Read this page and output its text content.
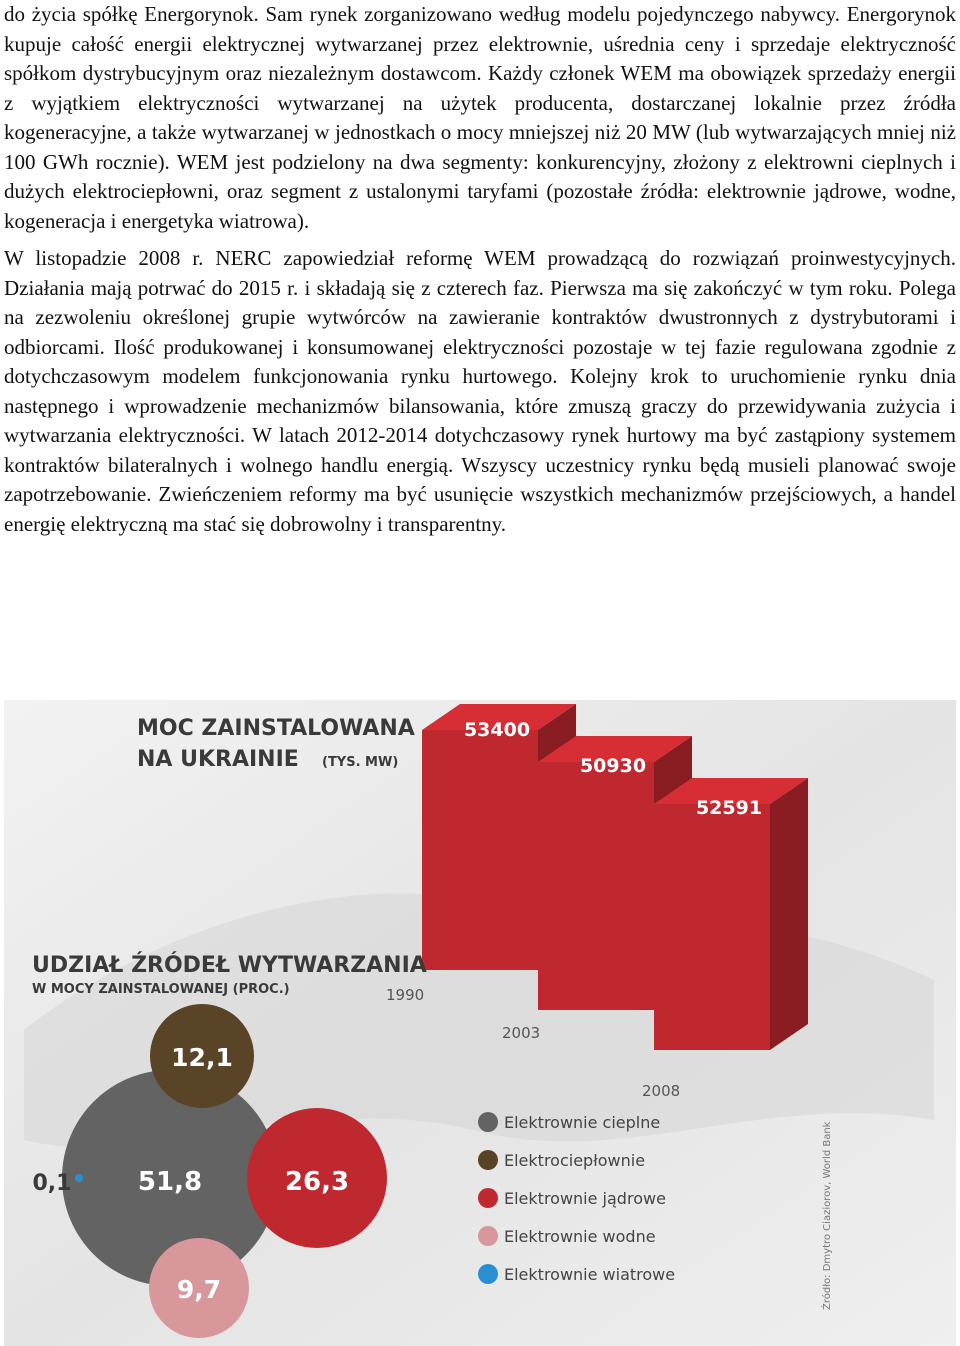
do życia spółkę Energorynok. Sam rynek zorganizowano według modelu pojedynczego nabywcy. Energorynok kupuje całość energii elektrycznej wytwarzanej przez elektrownie, uśrednia ceny i sprzedaje elektryczność spółkom dystrybucyjnym oraz niezależnym dostawcom. Każdy członek WEM ma obowiązek sprzedaży energii z wyjątkiem elektryczności wytwarzanej na użytek producenta, dostarczanej lokalnie przez źródła kogeneracyjne, a także wytwarzanej w jednostkach o mocy mniejszej niż 20 MW (lub wytwarzających mniej niż 100 GWh rocznie). WEM jest podzielony na dwa segmenty: konkurencyjny, złożony z elektrowni cieplnych i dużych elektrociepłowni, oraz segment z ustalonymi taryfami (pozostałe źródła: elektrownie jądrowe, wodne, kogeneracja i energetyka wiatrowa).

W listopadzie 2008 r. NERC zapowiedział reformę WEM prowadzącą do rozwiązań proinwestycyjnych. Działania mają potrwać do 2015 r. i składają się z czterech faz. Pierwsza ma się zakończyć w tym roku. Polega na zezwoleniu określonej grupie wytwórców na zawieranie kontraktów dwustronnych z dystrybutorami i odbiorcami. Ilość produkowanej i konsumowanej elektryczności pozostaje w tej fazie regulowana zgodnie z dotychczasowym modelem funkcjonowania rynku hurtowego. Kolejny krok to uruchomienie rynku dnia następnego i wprowadzenie mechanizmów bilansowania, które zmuszą graczy do przewidywania zużycia i wytwarzania elektryczności. W latach 2012-2014 dotychczasowy rynek hurtowy ma być zastąpiony systemem kontraktów bilateralnych i wolnego handlu energią. Wszyscy uczestnicy rynku będą musieli planować swoje zapotrzebowanie. Zwieńczeniem reformy ma być usunięcie wszystkich mechanizmów przejściowych, a handel energię elektryczną ma stać się dobrowolny i transparentny.

MOC ZAINSTALOWANA
NA UKRAINIE (TYS. MW)
53400
1990
50930
2003
52591
2008
UDZIAŁ ŹRÓDEŁ WYTWARZANIA
W MOCY ZAINSTALOWANEJ (PROC.)
51,8
12,1
26,3
9,7
0,1
Elektrownie cieplne
Elektrociepłownie
Elektrownie jądrowe
Elektrownie wodne
Elektrownie wiatrowe	Źródło: Dmytro Ciaziorov, World Bank
